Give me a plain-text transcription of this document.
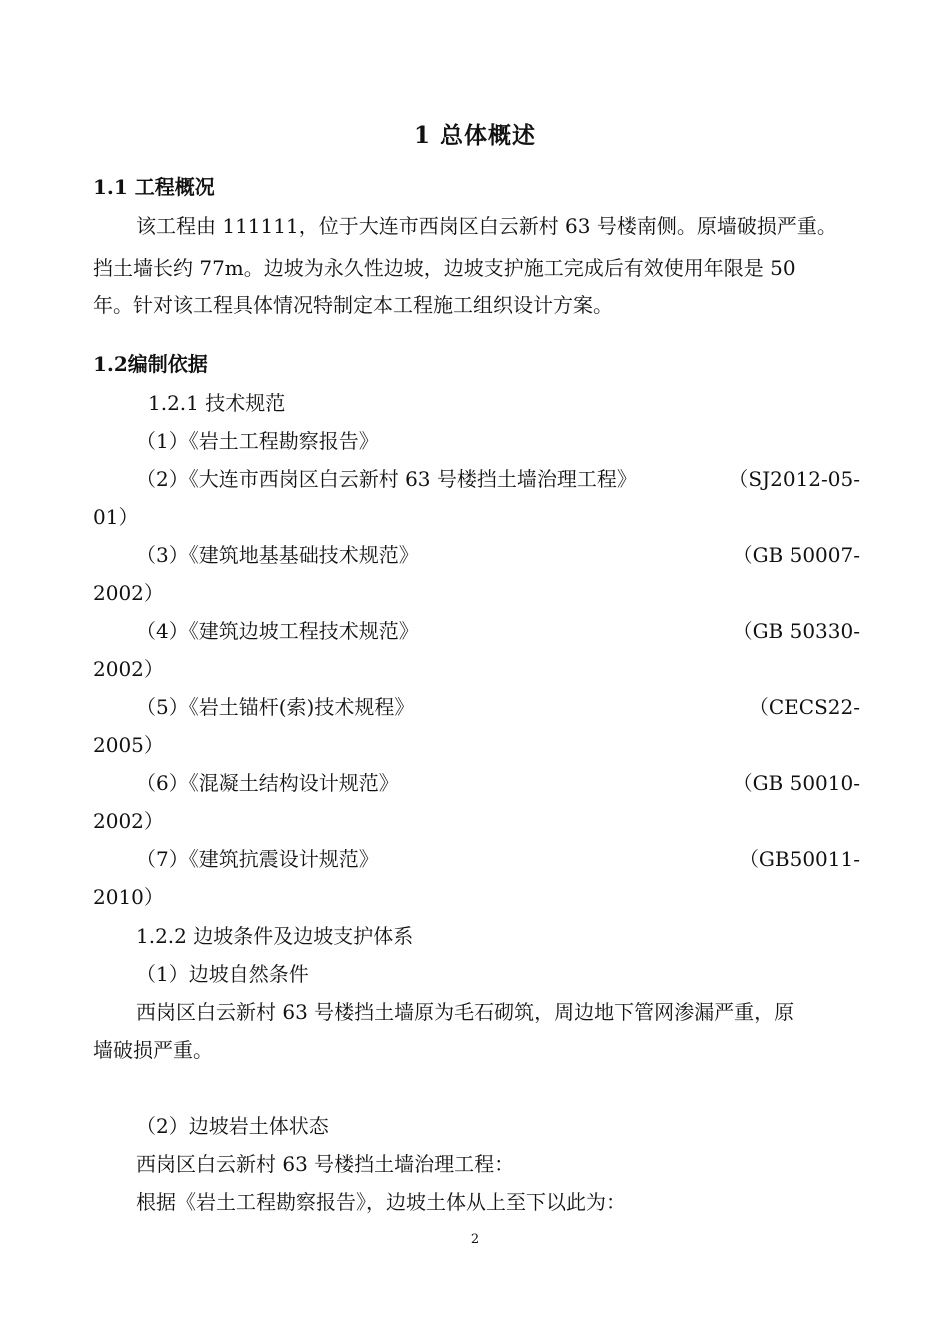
1 总体概述
1.1 工程概况
该工程由 111111，位于大连市西岗区白云新村 63 号楼南侧。原墙破损严重。
挡土墙长约 77m。边坡为永久性边坡，边坡支护施工完成后有效使用年限是 50
年。针对该工程具体情况特制定本工程施工组织设计方案。
1.2编制依据
1.2.1 技术规范
（1）《岩土工程勘察报告》
（2）《大连市西岗区白云新村 63 号楼挡土墙治理工程》	（SJ2012-05-
01）
（3）《建筑地基基础技术规范》	（GB 50007-
2002）
（4）《建筑边坡工程技术规范》	（GB 50330-
2002）
（5）《岩土锚杆(索)技术规程》	（CECS22-
2005）
（6）《混凝土结构设计规范》	（GB 50010-
2002）
（7）《建筑抗震设计规范》	（GB50011-
2010）
1.2.2 边坡条件及边坡支护体系
（1）边坡自然条件
西岗区白云新村 63 号楼挡土墙原为毛石砌筑，周边地下管网渗漏严重，原
墙破损严重。
（2）边坡岩土体状态
西岗区白云新村 63 号楼挡土墙治理工程：
根据《岩土工程勘察报告》，边坡土体从上至下以此为：
2
